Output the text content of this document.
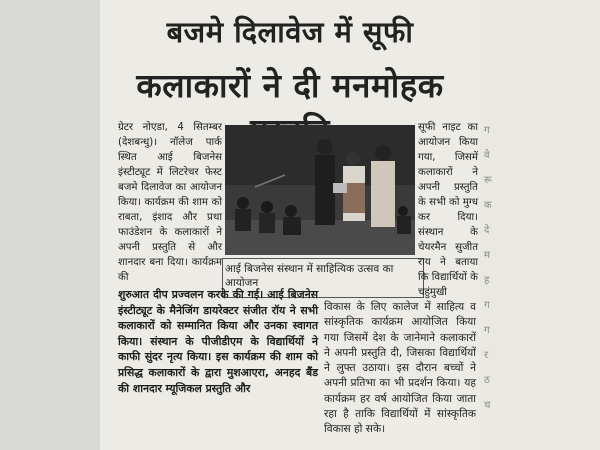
बजमे दिलावेज में सूफी
कलाकारों ने दी मनमोहक

ग्रेटर नोएडा, 4 सितम्बर (देशबन्धु)। नॉलेज पार्क स्थित आई बिजनेस इंस्टीट्यूट में लिटरेचर फेस्ट बजमे दिलावेज का आयोजन किया। कार्यक्रम की शाम को राबता, इंशाद और प्रथा फाउंडेशन के कलाकारों ने अपनी प्रस्तुति से और शानदार बना दिया। कार्यक्रम की

आई बिजनेस संस्थान में साहित्यिक उत्सव का आयोजन

सूफी नाइट का आयोजन किया गया, जिसमें कलाकारों ने अपनी प्रस्तुति के सभी को मुग्ध कर दिया। संस्थान के चेयरमैन सुजीत राय ने बताया कि विद्यार्थियों के चहुंमुखी

शुरुआत दीप प्रज्वलन करके की गई। आई बिजनेस इंस्टीट्यूट के मैनेजिंग डायरेक्टर संजीत रॉय ने सभी कलाकारों को सम्मानित किया और उनका स्वागत किया। संस्थान के पीजीडीएम के विद्यार्थियों ने काफी सुंदर नृत्य किया। इस कार्यक्रम की शाम को प्रसिद्ध कलाकारों के द्वारा मुशआएरा, अनहद बैंड की शानदार म्यूजिकल प्रस्तुति और

विकास के लिए कालेज में साहित्य व सांस्कृतिक कार्यक्रम आयोजित किया गया जिसमें देश के जानेमाने कलाकारों ने अपनी प्रस्तुति दी, जिसका विद्यार्थियों ने लुफ्त उठाया। इस दौरान बच्चों ने अपनी प्रतिभा का भी प्रदर्शन किया। यह कार्यक्रम हर वर्ष आयोजित किया जाता रहा है ताकि विद्यार्थियों में सांस्कृतिक विकास हो सके।

ग
वे
रू
क
दे
म
ह
ग
ग
र
ठ
च
